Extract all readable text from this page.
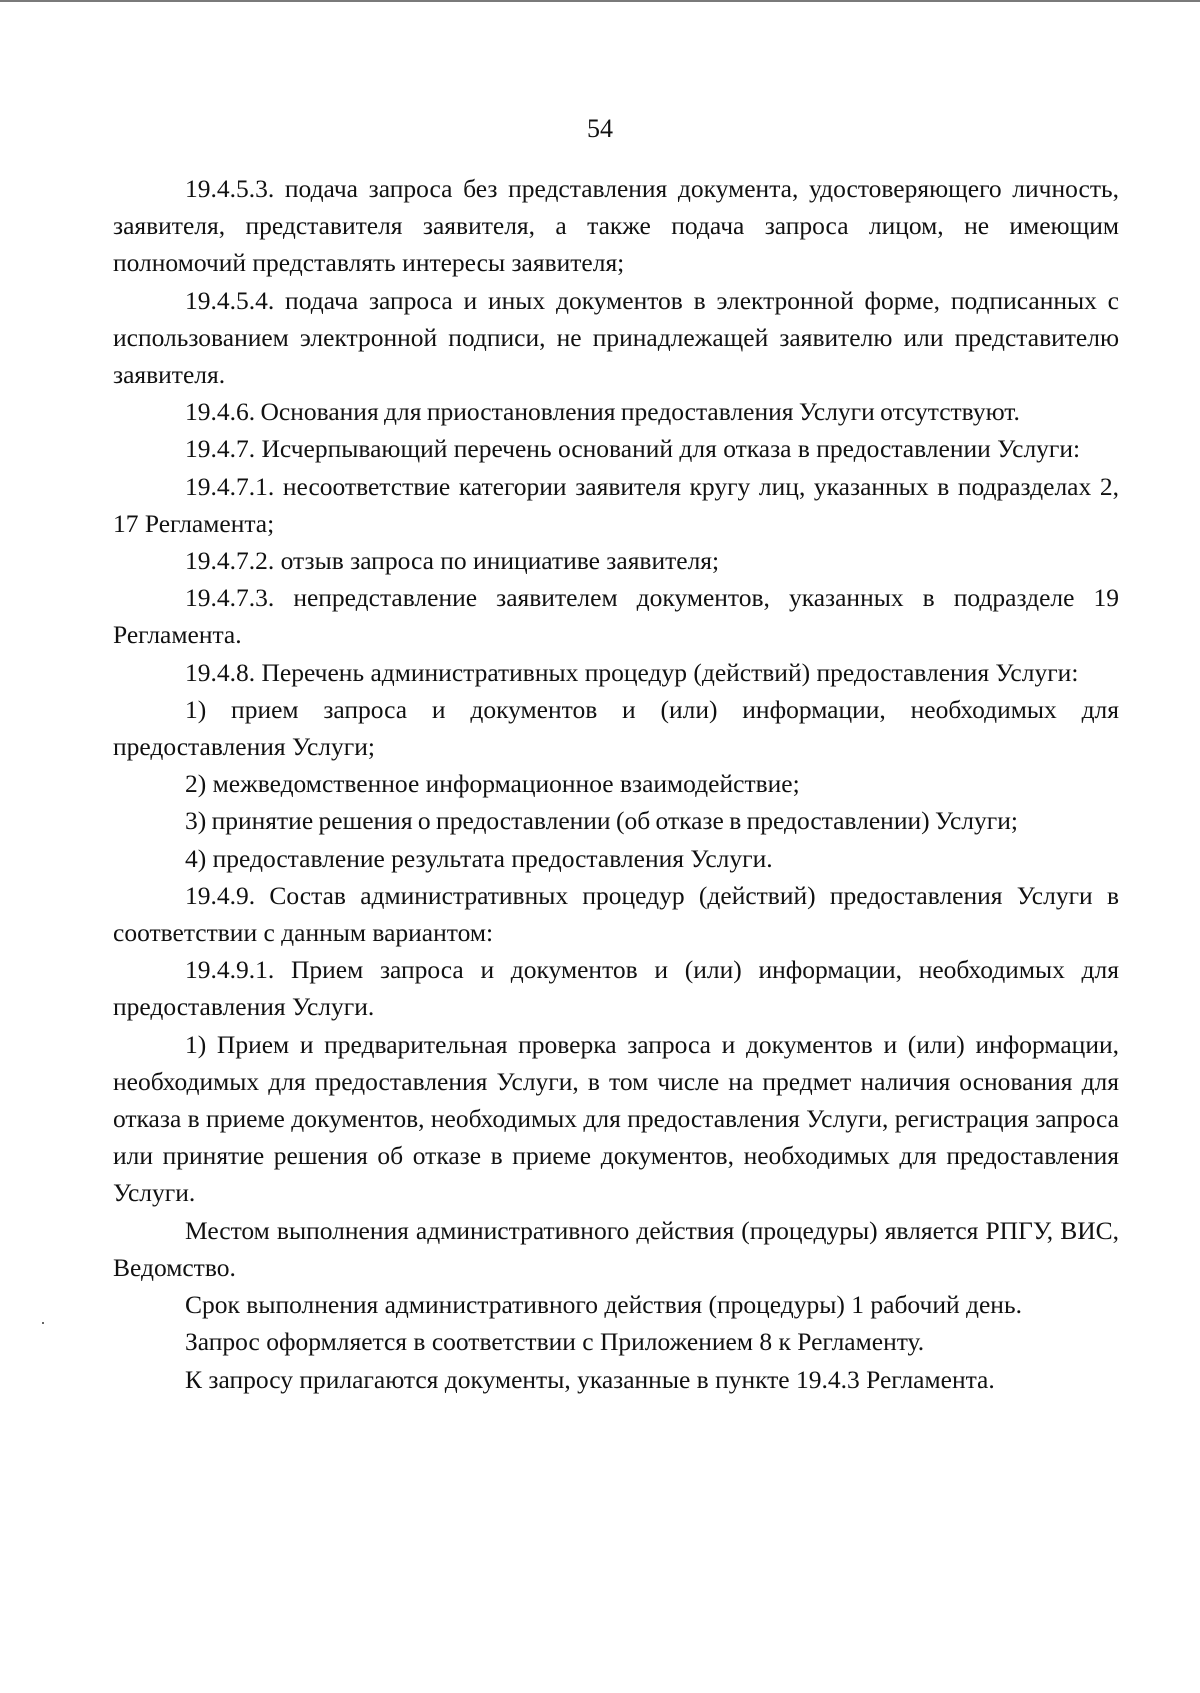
54

19.4.5.3. подача запроса без представления документа, удостоверяющего личность, заявителя, представителя заявителя, а также подача запроса лицом, не имеющим полномочий представлять интересы заявителя;

19.4.5.4. подача запроса и иных документов в электронной форме, подписанных с использованием электронной подписи, не принадлежащей заявителю или представителю заявителя.

19.4.6. Основания для приостановления предоставления Услуги отсутствуют.

19.4.7. Исчерпывающий перечень оснований для отказа в предоставлении Услуги:

19.4.7.1. несоответствие категории заявителя кругу лиц, указанных в подразделах 2, 17 Регламента;

19.4.7.2. отзыв запроса по инициативе заявителя;

19.4.7.3. непредставление заявителем документов, указанных в подразделе 19 Регламента.

19.4.8. Перечень административных процедур (действий) предоставления Услуги:

1) прием запроса и документов и (или) информации, необходимых для предоставления Услуги;

2) межведомственное информационное взаимодействие;

3) принятие решения о предоставлении (об отказе в предоставлении) Услуги;

4) предоставление результата предоставления Услуги.

19.4.9. Состав административных процедур (действий) предоставления Услуги в соответствии с данным вариантом:

19.4.9.1. Прием запроса и документов и (или) информации, необходимых для предоставления Услуги.

1) Прием и предварительная проверка запроса и документов и (или) информации, необходимых для предоставления Услуги, в том числе на предмет наличия основания для отказа в приеме документов, необходимых для предоставления Услуги, регистрация запроса или принятие решения об отказе в приеме документов, необходимых для предоставления Услуги.

Местом выполнения административного действия (процедуры) является РПГУ, ВИС, Ведомство.

Срок выполнения административного действия (процедуры) 1 рабочий день.

Запрос оформляется в соответствии с Приложением 8 к Регламенту.

К запросу прилагаются документы, указанные в пункте 19.4.3 Регламента.
